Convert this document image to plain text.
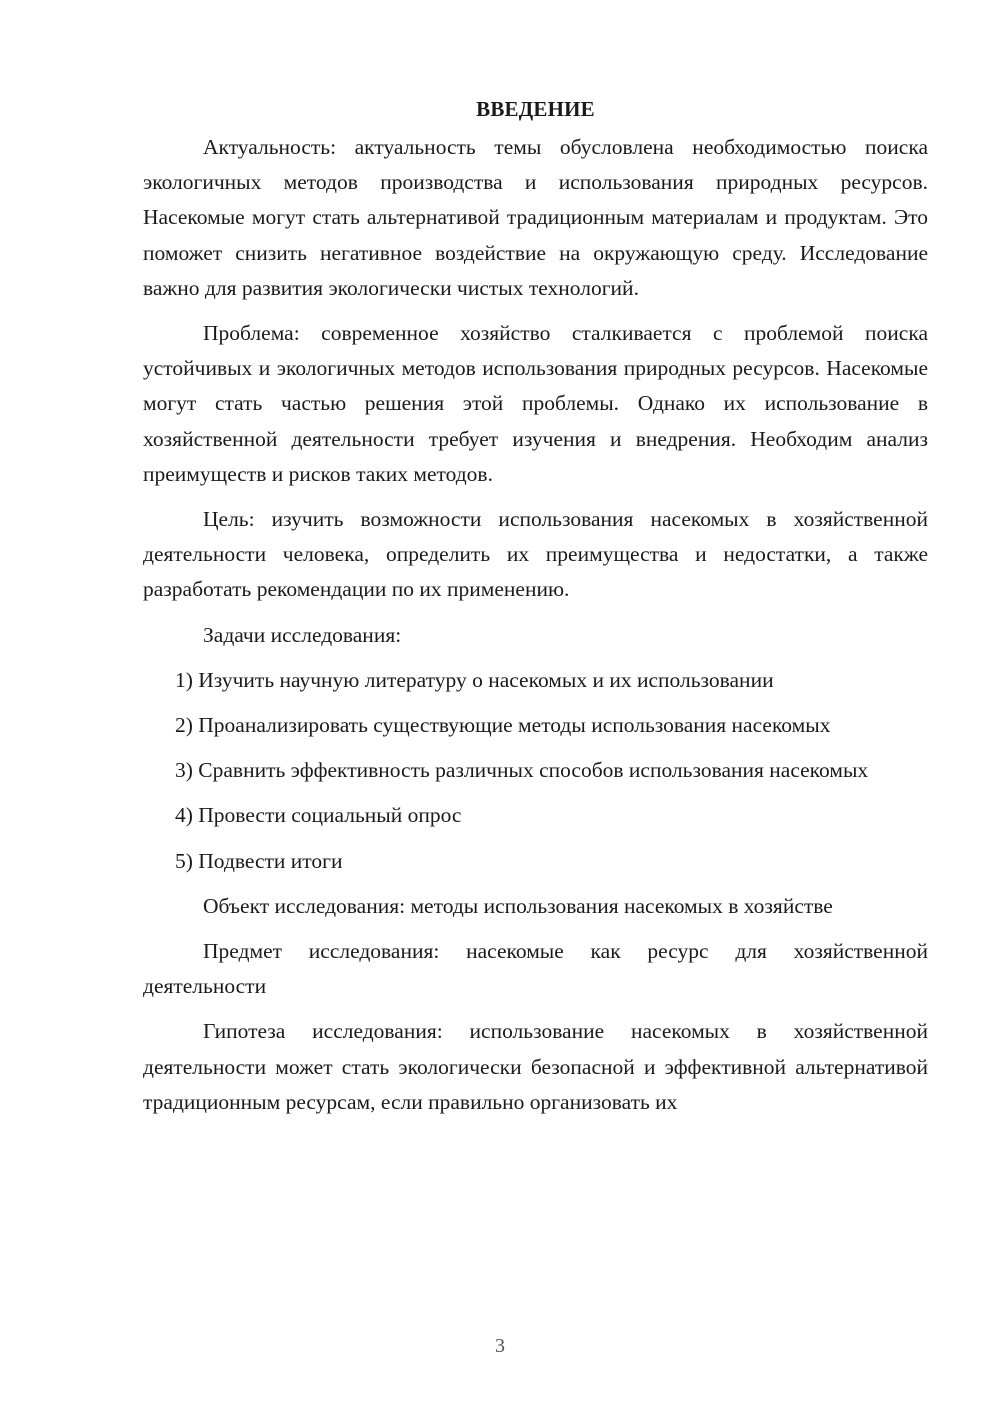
ВВЕДЕНИЕ

Актуальность: актуальность темы обусловлена необходимостью поиска экологичных методов производства и использования природных ресурсов. Насекомые могут стать альтернативой традиционным материалам и продуктам. Это поможет снизить негативное воздействие на окружающую среду. Исследование важно для развития экологически чистых технологий.

Проблема: современное хозяйство сталкивается с проблемой поиска устойчивых и экологичных методов использования природных ресурсов. Насекомые могут стать частью решения этой проблемы. Однако их использование в хозяйственной деятельности требует изучения и внедрения. Необходим анализ преимуществ и рисков таких методов.

Цель: изучить возможности использования насекомых в хозяйственной деятельности человека, определить их преимущества и недостатки, а также разработать рекомендации по их применению.

Задачи исследования:

1) Изучить научную литературу о насекомых и их использовании

2) Проанализировать существующие методы использования насекомых

3) Сравнить эффективность различных способов использования насекомых

4) Провести социальный опрос

5) Подвести итоги

Объект исследования: методы использования насекомых в хозяйстве

Предмет исследования: насекомые как ресурс для хозяйственной деятельности

Гипотеза исследования: использование насекомых в хозяйственной деятельности может стать экологически безопасной и эффективной альтернативой традиционным ресурсам, если правильно организовать их

3
